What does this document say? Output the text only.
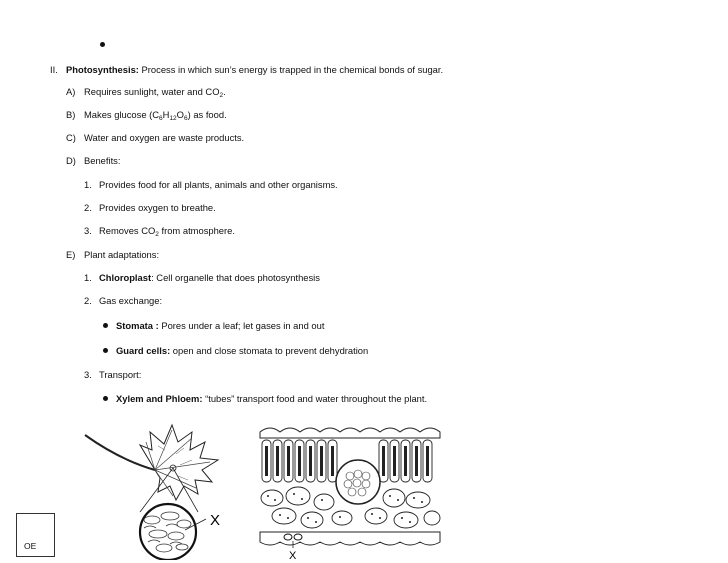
II. Photosynthesis: Process in which sun’s energy is trapped in the chemical bonds of sugar.
A) Requires sunlight, water and $CO_2$.
B) Makes glucose $(C_6H_{12}O_6)$ as food.
C) Water and oxygen are waste products.
D) Benefits:
1. Provides food for all plants, animals and other organisms.
2. Provides oxygen to breathe.
3. Removes $CO_2$ from atmosphere.
E) Plant adaptations:
1. Chloroplast: Cell organelle that does photosynthesis
2. Gas exchange:
Stomata : Pores under a leaf; let gases in and out
Guard cells: open and close stomata to prevent dehydration
3. Transport:
Xylem and Phloem: “tubes” transport food and water throughout the plant.
X
X
OE
